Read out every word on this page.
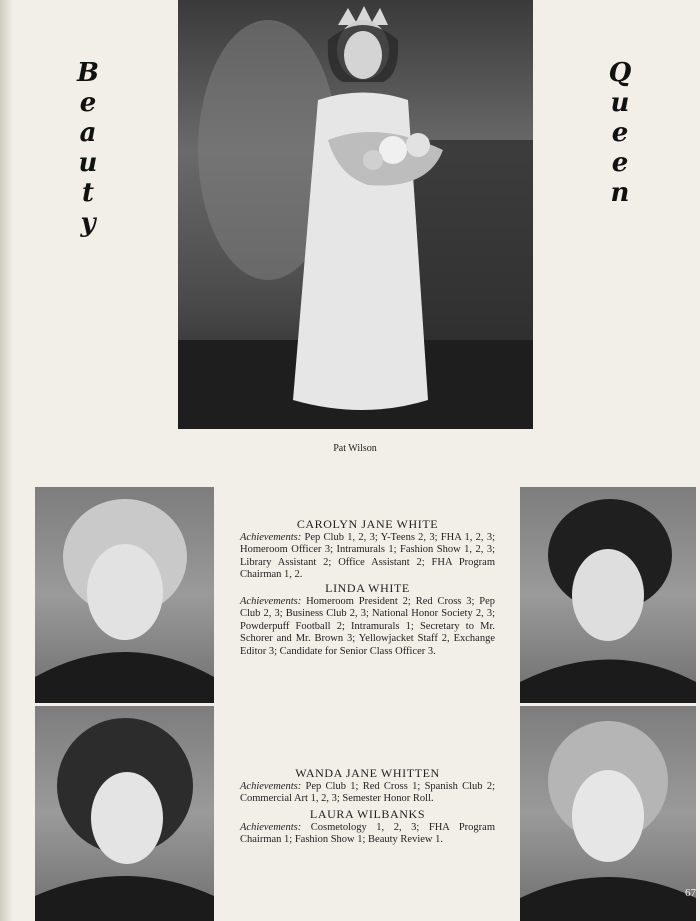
B
e
a
u
t
y
Q
u
e
e
n
Pat Wilson
CAROLYN JANE WHITE
Achievements: Pep Club 1, 2, 3; Y-Teens 2, 3; FHA 1, 2, 3; Homeroom Officer 3; Intramurals 1; Fashion Show 1, 2, 3; Library Assistant 2; Office Assistant 2; FHA Program Chairman 1, 2.
LINDA WHITE
Achievements: Homeroom President 2; Red Cross 3; Pep Club 2, 3; Business Club 2, 3; National Honor Society 2, 3; Powderpuff Football 2; Intramurals 1; Secretary to Mr. Schorer and Mr. Brown 3; Yellowjacket Staff 2, Exchange Editor 3; Candidate for Senior Class Officer 3.
WANDA JANE WHITTEN
Achievements: Pep Club 1; Red Cross 1; Spanish Club 2; Commercial Art 1, 2, 3; Semester Honor Roll.
LAURA WILBANKS
Achievements: Cosmetology 1, 2, 3; FHA Program Chairman 1; Fashion Show 1; Beauty Review 1.
67
